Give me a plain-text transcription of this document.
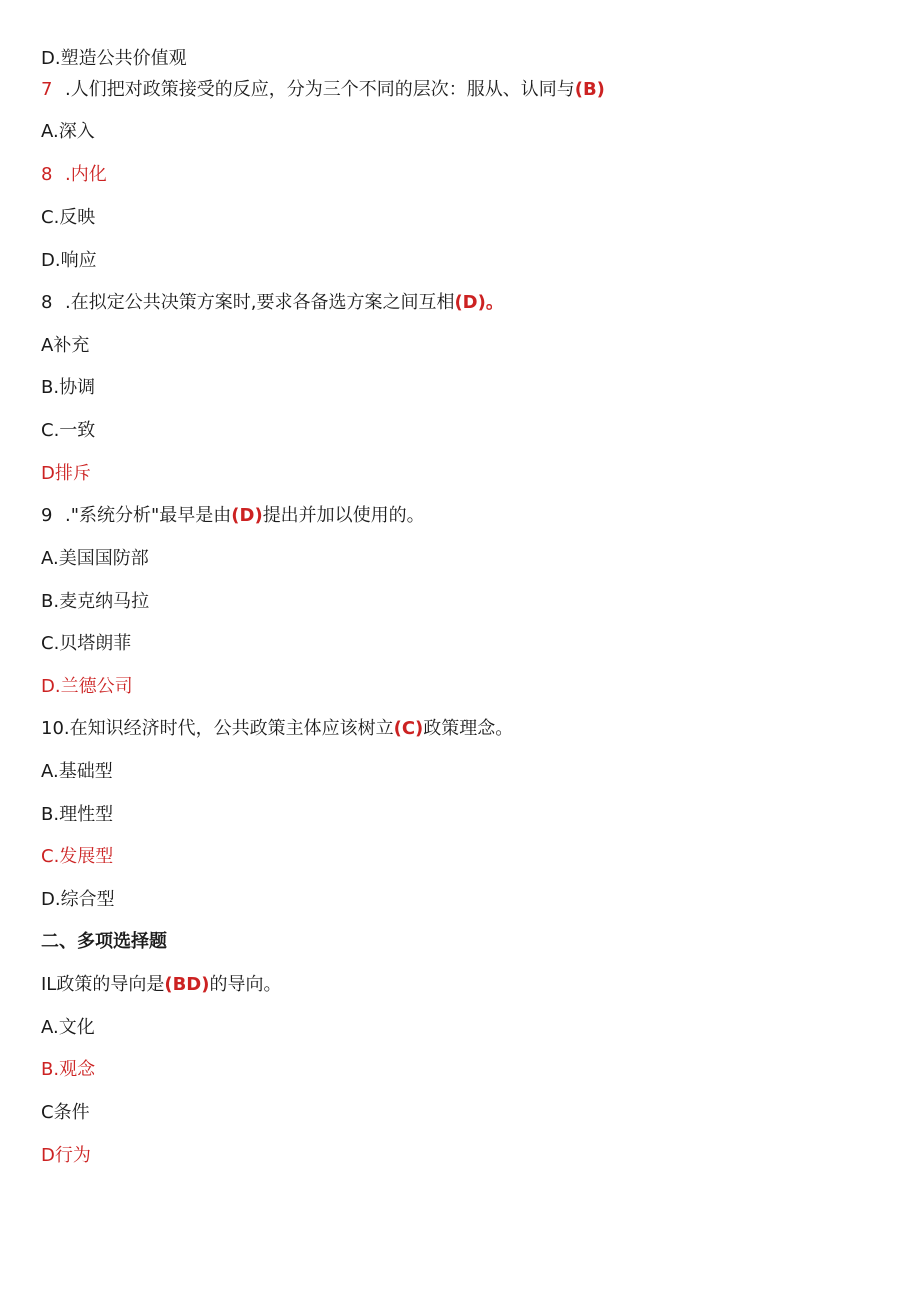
D.塑造公共价值观

7 .人们把对政策接受的反应，分为三个不同的层次：服从、认同与(B)

A.深入

8 .内化

C.反映

D.响应

8 .在拟定公共决策方案时,要求各备选方案之间互相(D)。

A补充

B.协调

C.一致

D排斥

9 ."系统分析"最早是由(D)提出并加以使用的。

A.美国国防部

B.麦克纳马拉

C.贝塔朗菲

D.兰德公司

10.在知识经济时代，公共政策主体应该树立(C)政策理念。

A.基础型

B.理性型

C.发展型

D.综合型

二、多项选择题

IL政策的导向是(BD)的导向。

A.文化

B.观念

C条件

D行为
